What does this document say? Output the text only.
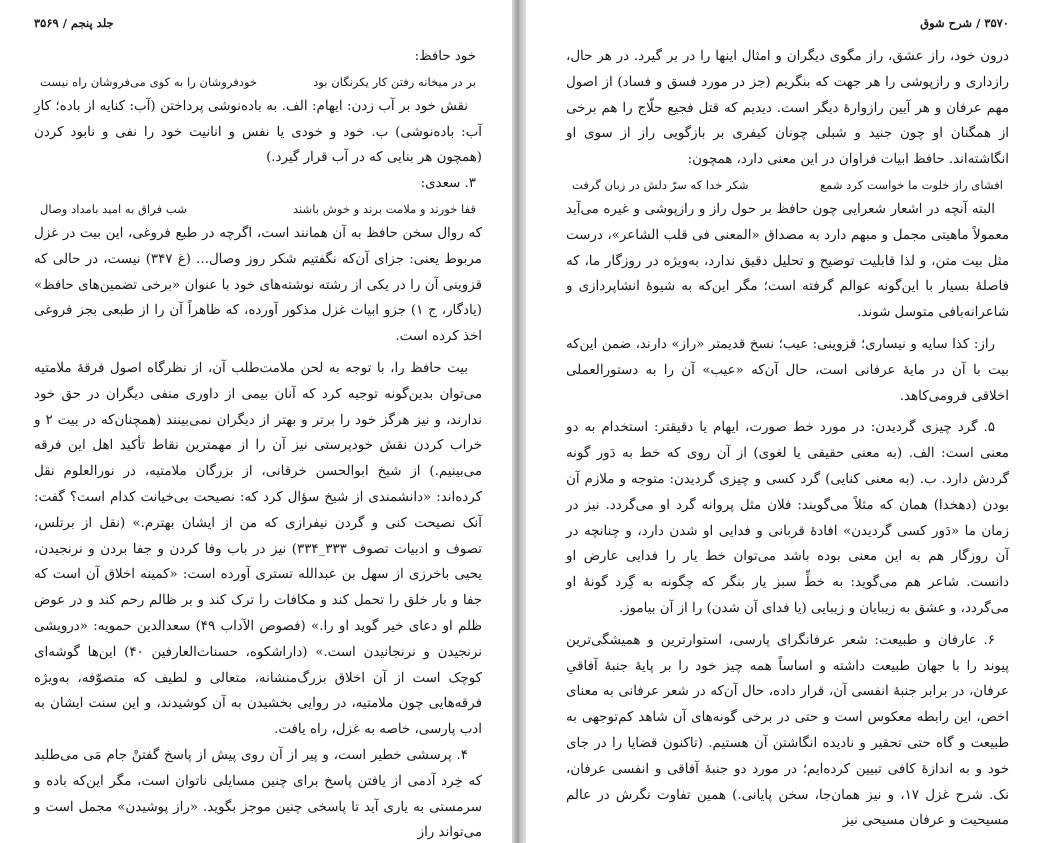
جلد پنجم / ۳۵۶۹
خود حافظ:
بر در میخانه رفتن کار یکرنگان بود
خودفروشان را به کوی می‌فروشان راه نیست

نقش خود بر آب زدن: ایهام: الف. به باده‌نوشی پرداختن (آب: کنایه از باده؛ کارِ آب: باده‌نوشی) ب. خود و خودی یا نفس و انانیت خود را نفی و نابود کردن (همچون هر بنایی که در آب قرار گیرد.)

۳. سعدی:
قفا خورند و ملامت برند و خوش باشند
شب فراق به امید بامداد وصال

که روال سخن حافظ به آن همانند است، اگرچه در طبع فروغی، این بیت در غزل مربوط یعنی: جزای آن‌که نگفتیم شکر روز وصال... (غ ۳۴۷) نیست، در حالی که قزوینی آن را در یکی از رشته نوشته‌های خود با عنوان «برخی تضمین‌های حافظ» (یادگار، ج ۱) جزو ابیات غزل مذکور آورده، که ظاهراً آن را از طبعی بجز فروغی اخذ کرده است.

بیت حافظ را، با توجه به لحن ملامت‌طلب آن، از نظرگاه اصول فرقهٔ ملامتیه می‌توان بدین‌گونه توجیه کرد که آنان بیمی از داوری منفی دیگران در حق خود ندارند، و نیز هرگز خود را برتر و بهتر از دیگران نمی‌بینند (همچنان‌که در بیت ۲ و خراب کردن نقش خودپرستی نیز آن را از مهمترین نقاط تأکید اهل این فرقه می‌بینیم.) از شیخ ابوالحسن خرقانی، از بزرگان ملامتیه، در نورالعلوم نقل کرده‌اند: «دانشمندی از شیخ سؤال کرد که: نصیحت بی‌خیانت کدام است؟ گفت: آنک نصیحت کنی و گردن نیفرازی که من از ایشان بهترم.» (نقل از برتلس، تصوف و ادبیات تصوف ۳۳۳_۳۳۴) نیز در باب وفا کردن و جفا بردن و نرنجیدن، یحیی باخرزی از سهل بن عبدالله تستری آورده است: «کمینه اخلاق آن است که جفا و بار خلق را تحمل کند و مکافات را ترک کند و بر ظالم رحم کند و در عوض ظلم او دعای خیر گوید او را.» (فصوص الآداب ۴۹) سعدالدین حمویه: «درویشی نرنجیدن و نرنجانیدن است.» (داراشکوه، حسنات‌العارفین ۴۰) این‌ها گوشه‌ای کوچک است از آن اخلاق بزرگ‌منشانه، متعالی و لطیف که متصوّفه، به‌ویژه فرقه‌هایی چون ملامتیه، در روایی بخشیدن به آن کوشیدند، و این سنت ایشان به ادب پارسی، خاصه به غزل، راه یافت.

۴. پرسشی خطیر است، و پیر از آن روی پیش از پاسخ گفتنْ جام مَی می‌طلبد که خِرد آدمی از یافتن پاسخ برای چنین مسایلی ناتوان است، مگر این‌که باده و سرمستی به یاری آید تا پاسخی چنین موجز بگوید. «راز پوشیدن» مجمل است و می‌تواند راز

۳۵۷۰ / شرح شوق

درون خود، راز عشق، راز مگوی دیگران و امثال اینها را در بر گیرد. در هر حال، رازداری و رازپوشی را هر جهت که بنگریم (جز در مورد فسق و فساد) از اصول مهم عرفان و هر آیین رازوارهٔ دیگر است. دیدیم که قتل فجیع حلّاج را هم برخی از همگنان او چون جنید و شبلی چونان کیفری بر بازگویی راز از سوی او انگاشته‌اند. حافظ ابیات فراوان در این معنی دارد، همچون:

افشای راز خلوت ما خواست کرد شمع
شکر خدا که سرّ دلش در زبان گرفت

البته آنچه در اشعار شعرایی چون حافظ بر حول راز و رازپوشی و غیره می‌آید معمولاً ماهیتی مجمل و مبهم دارد به مصداق «المعنی فی قلب الشاعر»، درست مثل بیت متن، و لذا قابلیت توضیح و تحلیل دقیق ندارد، به‌ویژه در روزگار ما، که فاصلهٔ بسیار با این‌گونه عوالم گرفته است؛ مگر این‌که به شیوهٔ انشاپردازی و شاعرانه‌بافی متوسل شوند.

راز: کذا سایه و نیساری؛ قزوینی: عیب؛ نسخ قدیمتر «راز» دارند، ضمن این‌که بیت با آن در مایهٔ عرفانی است، حال آن‌که «عیب» آن را به دستورالعملی اخلاقی فرومی‌کاهد.

۵. گرد چیزی گردیدن: در مورد خط صورت، ایهام یا دقیقتر: استخدام به دو معنی است: الف. (به معنی حقیقی یا لغوی) از آن روی که خط به دَور گونه گردش دارد. ب. (به معنی کنایی) گرد کسی و چیزی گردیدن: متوجه و ملازم آن بودن (دهخدا) همان که مثلاً می‌گویند: فلان مثل پروانه گرد او می‌گردد. نیز در زمان ما «دَور کسی گردیدن» افادهٔ قربانی و فدایی او شدن دارد، و چنانچه در آن روزگار هم به این معنی بوده باشد می‌توان خط یار را فدایی عارض او دانست. شاعر هم می‌گوید: به خطِّ سبز یار بنگر که چگونه به گِرد گونهٔ او می‌گردد، و عشق به زیبایان و زیبایی (یا فدای آن شدن) را از آن بیاموز.

۶. عارفان و طبیعت: شعر عرفانگرای پارسی، استوارترین و همیشگی‌ترین پیوند را با جهان طبیعت داشته و اساساً همه چیز خود را بر پایهٔ جنبهٔ آفاقیِ عرفان، در برابر جنبهٔ انفسی آن، قرار داده، حال آن‌که در شعر عرفانی به معنای اخص، این رابطه معکوس است و حتی در برخی گونه‌های آن شاهد کم‌توجهی به طبیعت و گاه حتی تحقیر و نادیده انگاشتن آن هستیم. (تاکنون قضایا را در جای خود و به اندازهٔ کافی تبیین کرده‌ایم؛ در مورد دو جنبهٔ آفاقی و انفسی عرفان، نک. شرح غزل ۱۷، و نیز همان‌جا، سخن پایانی.) همین تفاوت نگرش در عالم مسیحیت و عرفان مسیحی نیز
